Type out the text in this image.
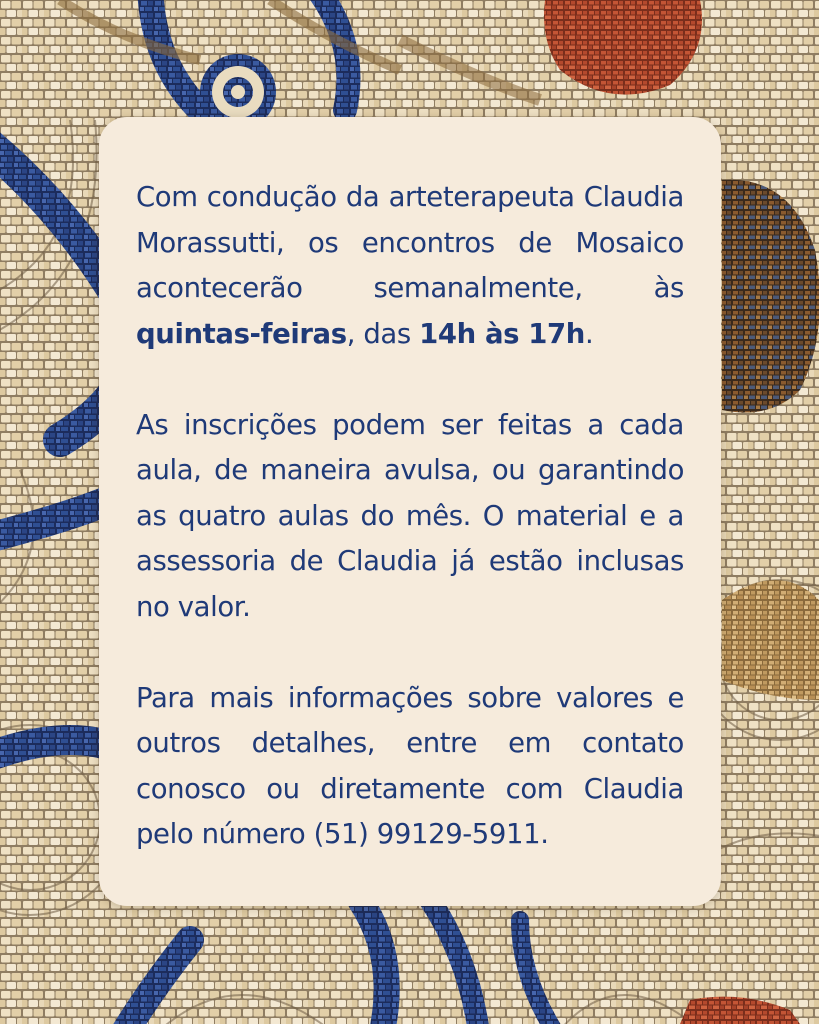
Com condução da arteterapeuta Claudia Morassutti, os encontros de Mosaico acontecerão semanalmente, às quintas-feiras, das 14h às 17h.

As inscrições podem ser feitas a cada aula, de maneira avulsa, ou garantindo as quatro aulas do mês. O material e a assessoria de Claudia já estão inclusas no valor.

Para mais informações sobre valores e outros detalhes, entre em contato conosco ou diretamente com Claudia pelo número (51) 99129-5911.
